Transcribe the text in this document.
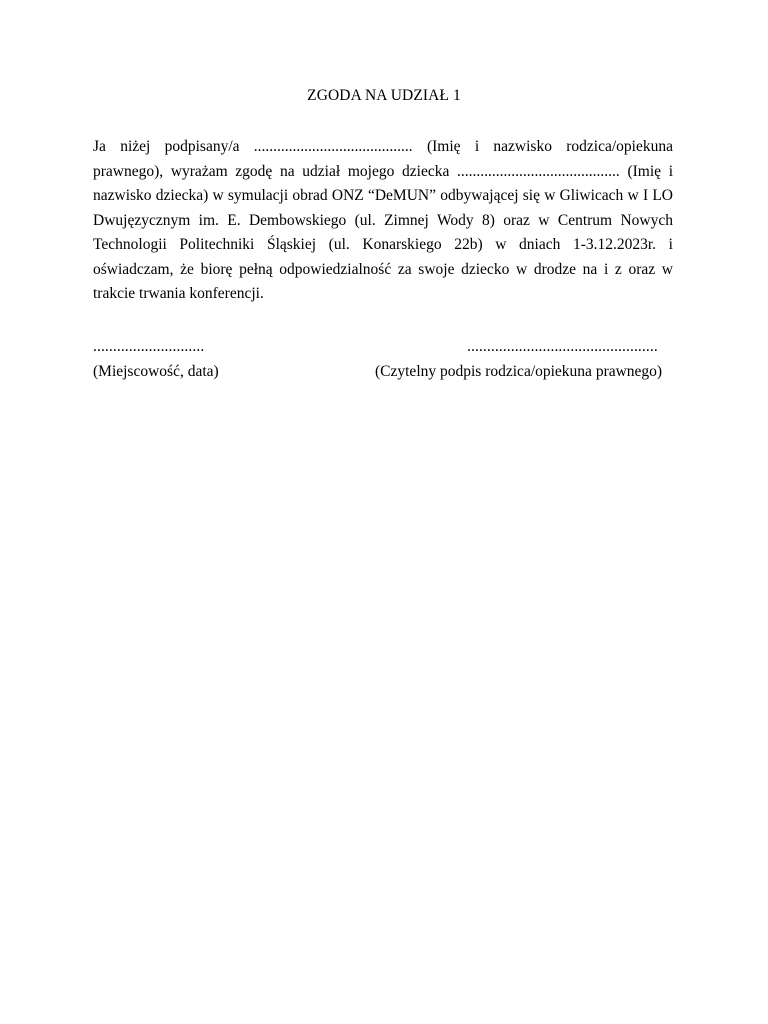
ZGODA NA UDZIAŁ 1

Ja niżej podpisany/a ......................................... (Imię i nazwisko rodzica/opiekuna prawnego), wyrażam zgodę na udział mojego dziecka .......................................... (Imię i nazwisko dziecka) w symulacji obrad ONZ “DeMUN” odbywającej się w Gliwicach w I LO Dwujęzycznym im. E. Dembowskiego (ul. Zimnej Wody 8) oraz w Centrum Nowych Technologii Politechniki Śląskiej (ul. Konarskiego 22b) w dniach 1-3.12.2023r. i oświadczam, że biorę pełną odpowiedzialność za swoje dziecko w drodze na i z oraz w trakcie trwania konferencji.

............................	................................................
(Miejscowość, data)	(Czytelny podpis rodzica/opiekuna prawnego)
